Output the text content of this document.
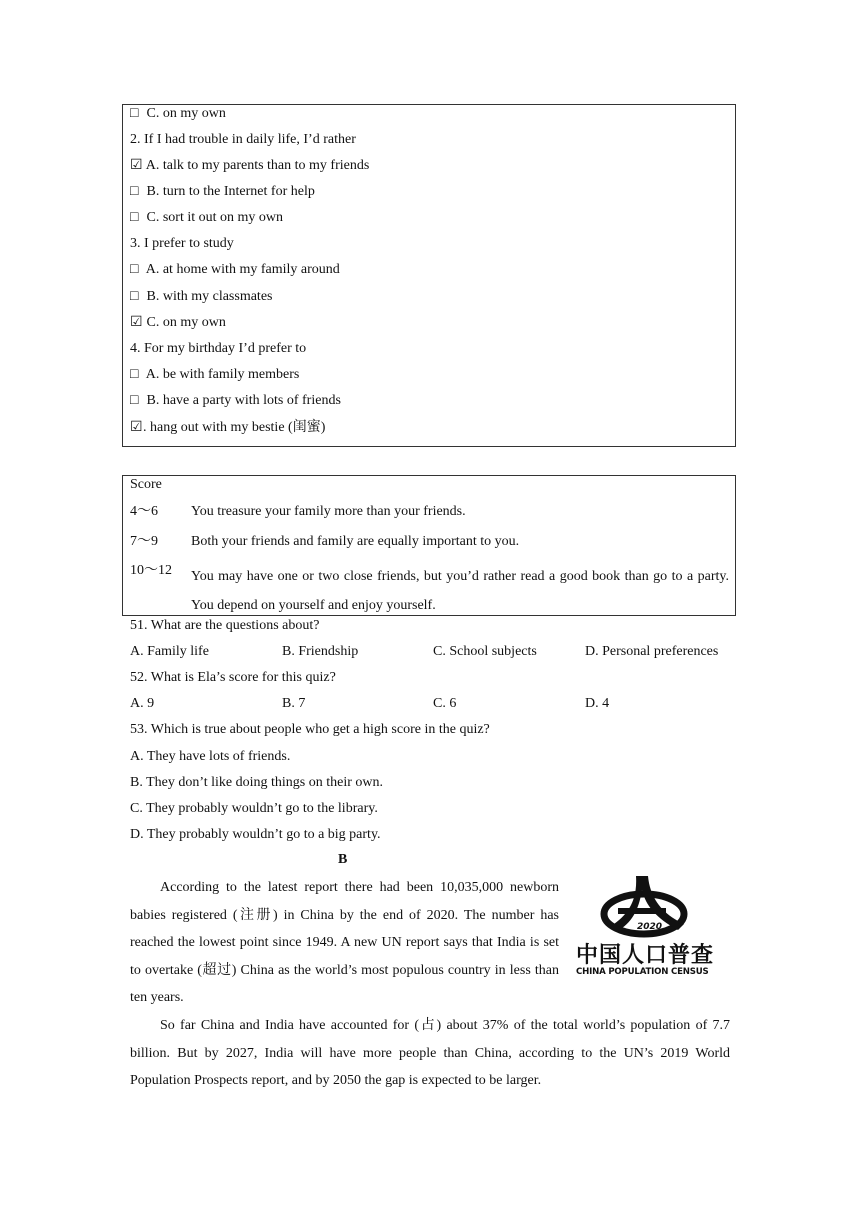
□ C. on my own
2. If I had trouble in daily life, I’d rather
☑ A. talk to my parents than to my friends
□ B. turn to the Internet for help
□ C. sort it out on my own
3. I prefer to study
□ A. at home with my family around
□ B. with my classmates
☑ C. on my own
4. For my birthday I’d prefer to
□ A. be with family members
□ B. have a party with lots of friends
☑. hang out with my bestie (闺蜜)
Score
4～6 You treasure your family more than your friends.
7～9 Both your friends and family are equally important to you.
10～12 You may have one or two close friends, but you’d rather read a good book than go to a party. You depend on yourself and enjoy yourself.
51. What are the questions about?
A. Family life	B. Friendship	C. School subjects	D. Personal preferences
52. What is Ela’s score for this quiz?
A. 9	B. 7	C. 6	D. 4
53. Which is true about people who get a high score in the quiz?
A. They have lots of friends.
B. They don’t like doing things on their own.
C. They probably wouldn’t go to the library.
D. They probably wouldn’t go to a big party.
B
According to the latest report there had been 10,035,000 newborn babies registered (注册) in China by the end of 2020. The number has reached the lowest point since 1949. A new UN report says that India is set to overtake (超过) China as the world’s most populous country in less than ten years.
So far China and India have accounted for (占) about 37% of the total world’s population of 7.7 billion. But by 2027, India will have more people than China, according to the UN’s 2019 World Population Prospects report, and by 2050 the gap is expected to be larger.
2020
中国人口普查
CHINA POPULATION CENSUS
